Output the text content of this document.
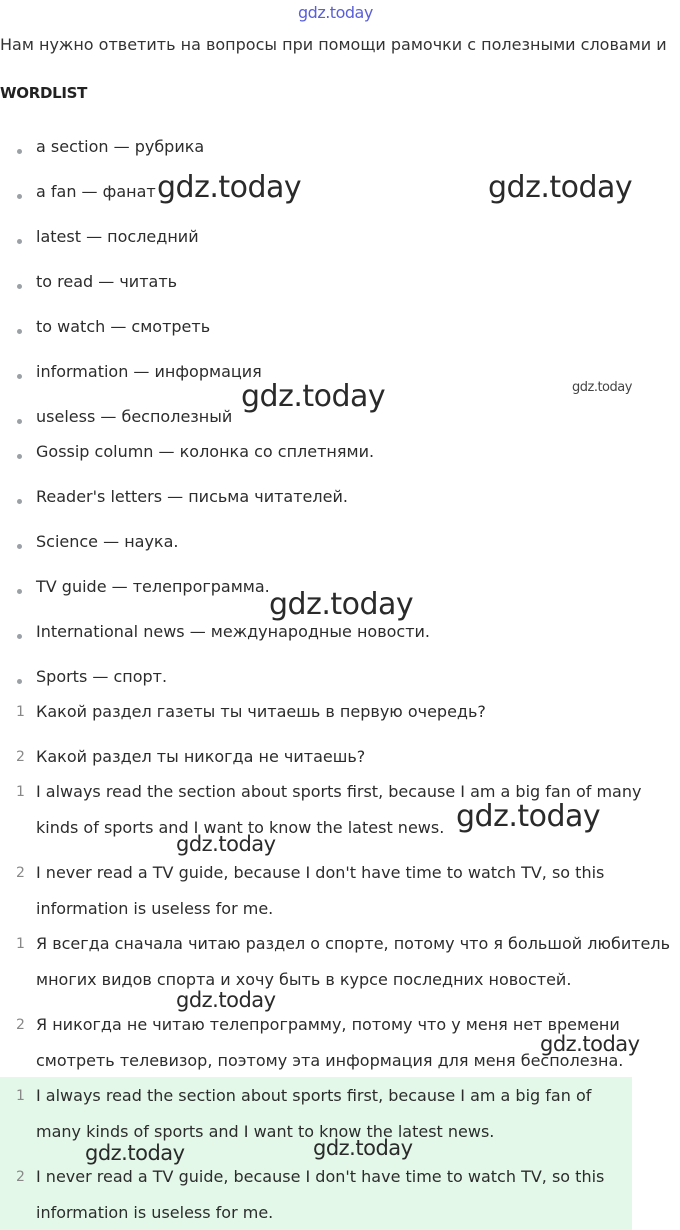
gdz.today
Нам нужно ответить на вопросы при помощи рамочки с полезными словами и
WORDLIST
a section — рубрика
a fan — фанат
latest — последний
to read — читать
to watch — смотреть
information — информация
useless — бесполезный
Gossip column — колонка со сплетнями.
Reader's letters — письма читателей.
Science — наука.
TV guide — телепрограмма.
International news — международные новости.
Sports — спорт.
1 Какой раздел газеты ты читаешь в первую очередь?
2 Какой раздел ты никогда не читаешь?
1 I always read the section about sports first, because I am a big fan of many
kinds of sports and I want to know the latest news.
2 I never read a TV guide, because I don't have time to watch TV, so this
information is useless for me.
1 Я всегда сначала читаю раздел о спорте, потому что я большой любитель
многих видов спорта и хочу быть в курсе последних новостей.
2 Я никогда не читаю телепрограмму, потому что у меня нет времени
смотреть телевизор, поэтому эта информация для меня бесполезна.
1 I always read the section about sports first, because I am a big fan of
many kinds of sports and I want to know the latest news.
2 I never read a TV guide, because I don't have time to watch TV, so this
information is useless for me.
gdz.today	gdz.today
gdz.today	gdz.today
gdz.today
gdz.today
gdz.today
gdz.today
gdz.today
gdz.today	gdz.today
